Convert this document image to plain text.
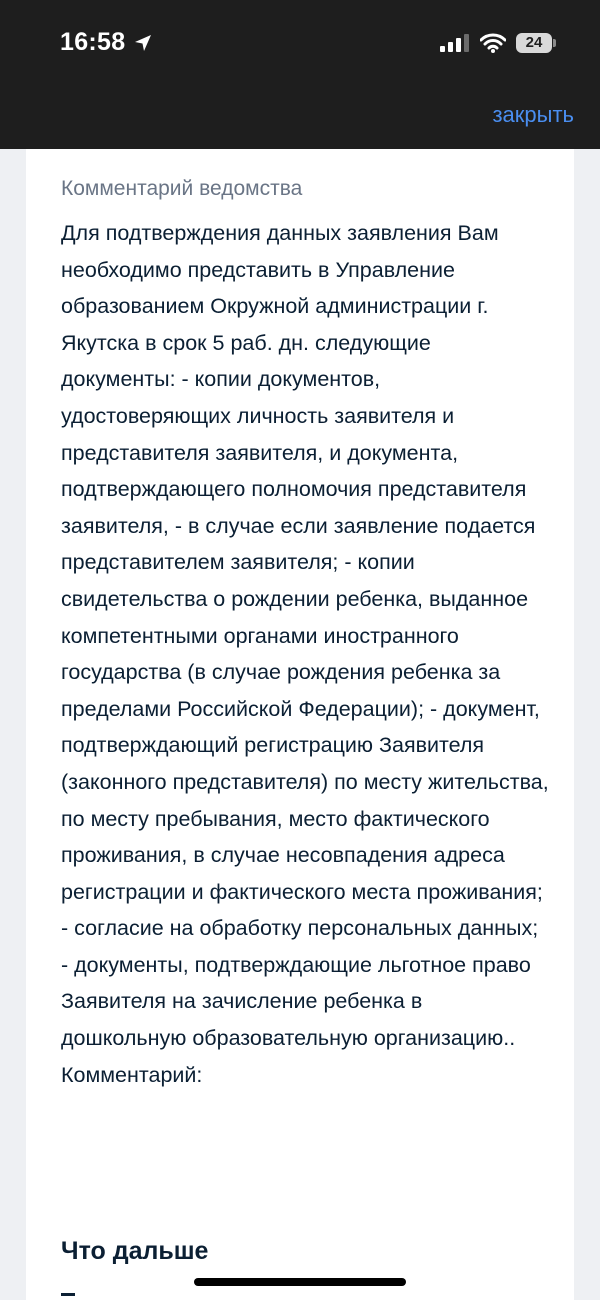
16:58	24
закрыть
Комментарий ведомства

Для подтверждения данных заявления Вам необходимо представить в Управление образованием Окружной администрации г. Якутска в срок 5 раб. дн. следующие документы: - копии документов, удостоверяющих личность заявителя и представителя заявителя, и документа, подтверждающего полномочия представителя заявителя, - в случае если заявление подается представителем заявителя; - копии свидетельства о рождении ребенка, выданное компетентными органами иностранного государства (в случае рождения ребенка за пределами Российской Федерации); - документ, подтверждающий регистрацию Заявителя (законного представителя) по месту жительства, по месту пребывания, место фактического проживания, в случае несовпадения адреса регистрации и фактического места проживания; - согласие на обработку персональных данных; - документы, подтверждающие льготное право Заявителя на зачисление ребенка в дошкольную образовательную организацию.. Комментарий:

Что дальше
